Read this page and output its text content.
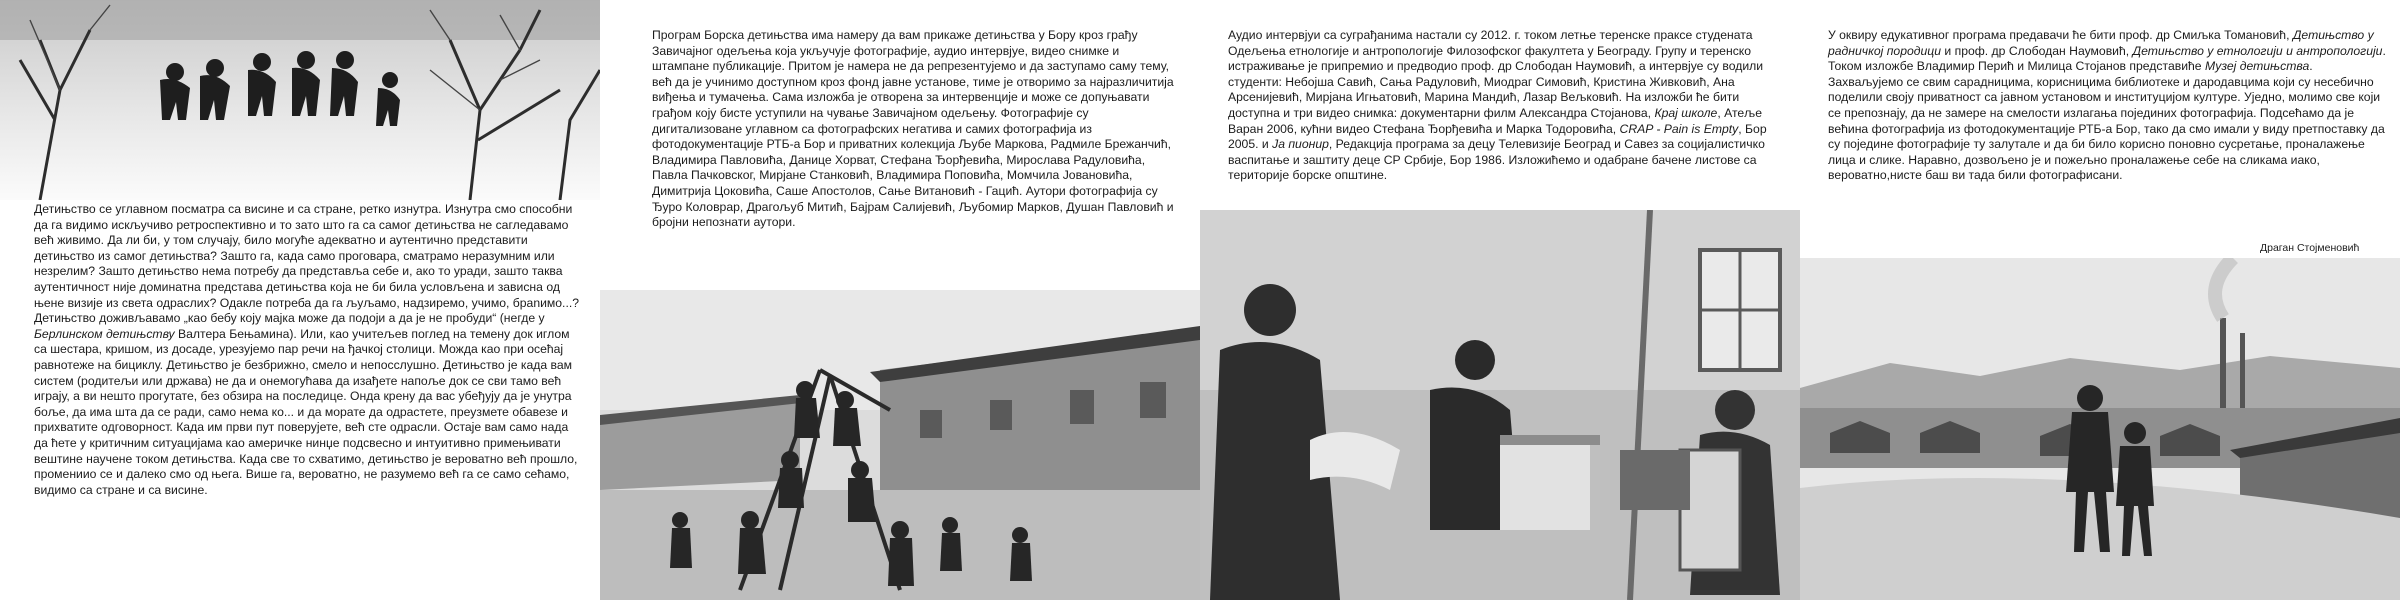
Детињство се углавном посматра са висине и са стране, ретко изнутра. Изнутра смо способни да га видимо искључиво ретроспективно и то зато што га са самог детињства не сагледавамо већ живимо. Да ли би, у том случају, било могуће адекватно и аутентично представити детињство из самог детињства? Зашто га, када само проговара, сматрамо неразумним или незрелим? Зашто детињство нема потребу да представља себе и, ако то уради, зашто таква аутентичност није доминатна представа детињства која не би била условљена и зависна од њене визије из света одраслих? Одакле потреба да га љуљамо, надзиремо, учимо, браnимо...? Детињство доживљавамо „као бебу коју мајка може да подоји а да је не пробуди“ (негде у Берлинском детињству Валтера Бењамина). Или, као учитељев поглед на темену док иглом са шестара, кришом, из досаде, урезујемо пар речи на ђачкој столици. Можда као при осећај равнотеже на бициклу. Детињство је безбрижно, смело и непосслушно. Детињство је када вам систем (родитељи или држава) не да и онемогућава да изађете напоље док се сви тамо већ играју, а ви нешто прогутате, без обзира на последице. Онда крену да вас убеђују да је унутра боље, да има шта да се ради, само нема ко... и да морате да одрастете, преузмете обавезе и прихватите одговорност. Када им први пут поверујете, већ сте одрасли. Остаје вам само нада да ћете у критичним ситуацијама као америчке нинџе подсвесно и интуитивно примењивати вештине научене током детињства. Када све то схватимо, детињство је вероватно већ прошло, промениио се и далеко смо од њега. Више га, вероватно, не разумемо већ га се само сећамо, видимо са стране и са висине.

Програм Борска детињства има намеру да вам прикаже детињства у Бору кроз грађу Завичајног одељења која укључује фотографије, аудио интервјуе, видео снимке и штампане публикације. Притом је намера не да репрезентујемо и да заступамо саму тему, већ да је учинимо доступном кроз фонд јавне установе, тиме је отворимо за најразличитија виђења и тумачења. Сама изложба је отворена за интервенције и може се допуњавати грађом коју бисте уступили на чување Завичајном одељењу. Фотографије су дигитализоване углавном са фотографских негатива и самих фотографија из фотодокументације РТБ-а Бор и приватних колекција Љубе Маркова, Радмиле Брежанчић, Владимира Павловића, Данице Хорват, Стефана Ђорђевића, Мирослава Радуловића, Павла Пачковског, Мирјане Станковић, Владимира Поповића, Момчила Јовановића, Димитрија Цоковића, Саше Апостолов, Сање Витановић - Гацић. Аутори фотографија су Ђуро Коловрар, Драгољуб Митић, Бајрам Салијевић, Љубомир Марков, Душан Павловић и бројни непознати аутори.

Аудио интервјуи са суграђанима настали су 2012. г. током летње теренске праксе студената Одељења етнологије и антропологије Филозофског факултета у Београду. Групу и теренско истраживање је припремио и предводио проф. др Слободан Наумовић, а интервјуе су водили студенти: Небојша Савић, Сања Радуловић, Миодраг Симовић, Кристина Живковић, Ана Арсенијевић, Мирјана Игњатовић, Марина Мандић, Лазар Вељковић. На изложби ће бити доступна и три видео снимка: документарни филм Александра Стојанова, Крај школе, Атеље Варан 2006, кућни видео Стефана Ђорђевића и Марка Тодоровића, CRAP - Pain is Empty, Бор 2005. и Ја пионир, Редакција програма за децу Телевизије Београд и Савез за социјалистичко васпитање и заштиту деце СР Србије, Бор 1986. Изложићемо и одабране бачене листове са територије борске општине.

У оквиру едукативног програма предавачи ће бити проф. др Смиљка Томановић, Детињство у радничкој породици и проф. др Слободан Наумовић, Детињство у етнологији и антропологији. Током изложбе Владимир Перић и Милица Стојанов представиће Музеј детињства. Захваљујемо се свим сарадницима, корисницима библиотеке и дародавцима који су несебично поделили своју приватност са јавном установом и институцијом културе. Уједно, молимо све који се препознају, да не замере на смелости излагања појединих фотографија. Подсећамо да је већина фотографија из фотодокументације РТБ-а Бор, тако да смо имали у виду претпоставку да су поједине фотографије ту залутале и да би било корисно поновно сусретање, проналажење лица и слике. Наравно, дозвољено је и пожељно проналажење себе на сликама иако, вероватно,нисте баш ви тада били фотографисани.

Драган Стојменовић
